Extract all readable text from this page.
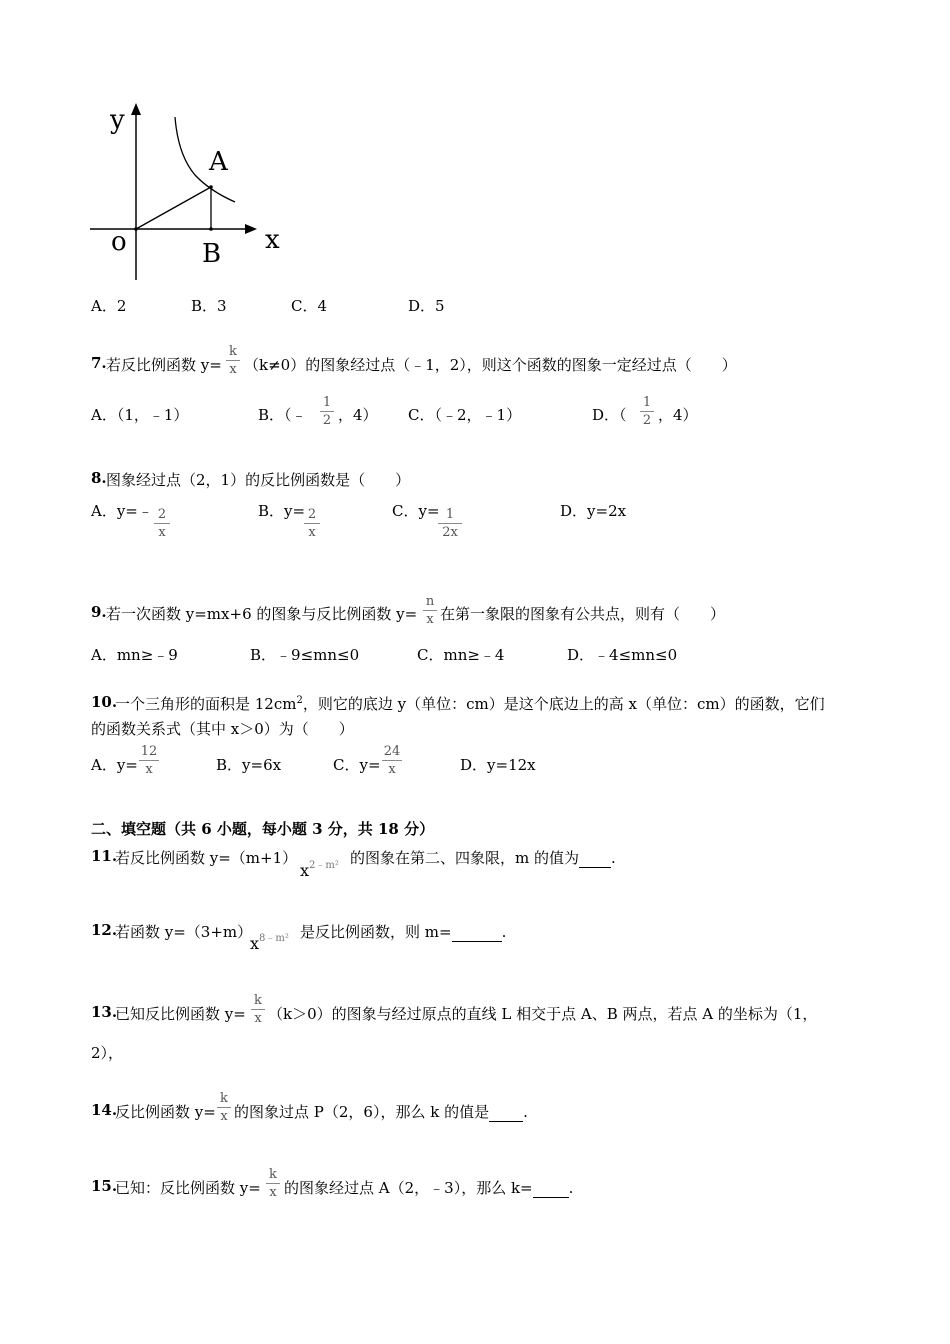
y
x
o
A
B
A．2	B．3	C．4	D．5
7. 若反比例函数 y=
k
x （k≠0）的图象经过点（﹣1，2），则这个函数的图象一定经过点（　　）
A．（1，﹣1）	B．（﹣
1
2 ，4） C．（﹣2，﹣1）	D．（
1
2 ，4）
8. 图象经过点（2，1）的反比例函数是（　　）
A．y=﹣ 2
x
B．y= 2
x
C．y= 1
2x
D．y=2x
9. 若一次函数 y=mx+6 的图象与反比例函数 y=
n
x 在第一象限的图象有公共点，则有（　　）
A．mn≥﹣9	B．﹣9≤mn≤0	C．mn≥﹣4	D．﹣4≤mn≤0
10.
一个三角形的面积是 $12cm^2$，则它的底边 y（单位：cm）是这个底边上的高 x（单位：cm）的函数，它们
的函数关系式（其中 x＞0）为（　　）
A．y=
12
x	B．y=6x	C．y=
24
x	D．y=12x
二、填空题（共 6 小题，每小题 3 分，共 18 分）
11.
若反比例函数 y=（m+1）
$x^{2﹣m^2}$ 的图象在第二、四象限，m 的值为 .
12.
若函数 y=（3+m）
$x^{8﹣m^2}$ 是反比例函数，则 m=	.
13.
已知反比例函数 y=
k
x （k＞0）的图象与经过原点的直线 L 相交于点 A、B 两点，若点 A 的坐标为（1，
2），
14.
反比例函数 y=
k
x 的图象过点 P（2，6），那么 k 的值是 .
15.
已知：反比例函数 y=
k
x 的图象经过点 A（2，﹣3），那么 k= .
